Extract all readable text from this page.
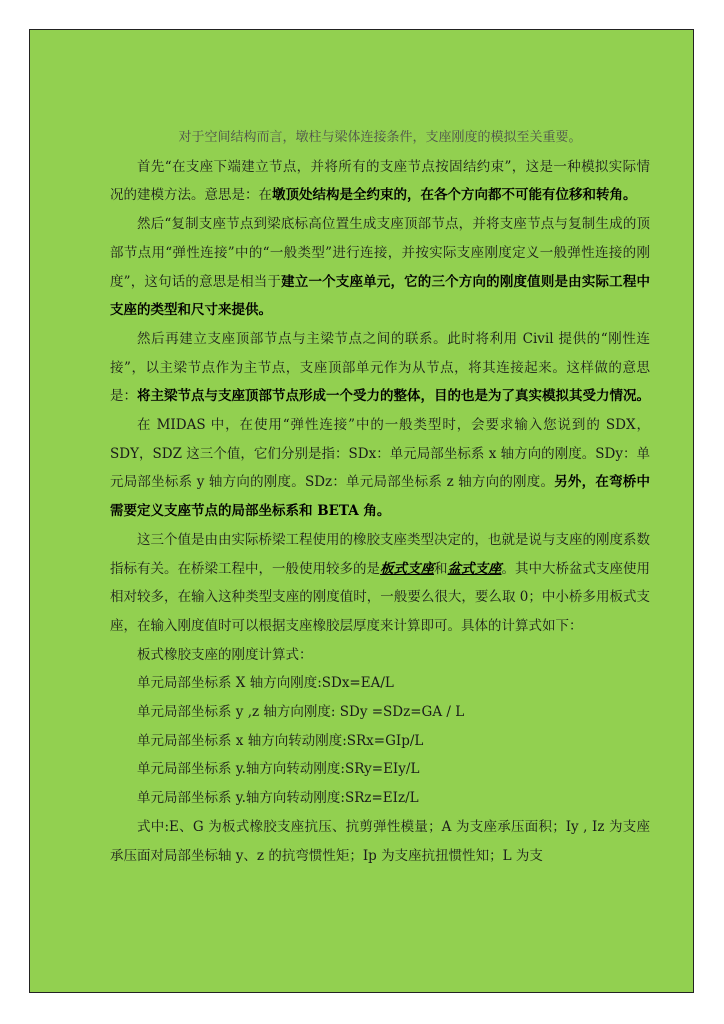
对于空间结构而言，墩柱与梁体连接条件，支座刚度的模拟至关重要。

首先“在支座下端建立节点，并将所有的支座节点按固结约束”，这是一种模拟实际情况的建模方法。意思是：在墩顶处结构是全约束的，在各个方向都不可能有位移和转角。

然后“复制支座节点到梁底标高位置生成支座顶部节点，并将支座节点与复制生成的顶部节点用“弹性连接”中的“一般类型”进行连接，并按实际支座刚度定义一般弹性连接的刚度”，这句话的意思是相当于建立一个支座单元，它的三个方向的刚度值则是由实际工程中支座的类型和尺寸来提供。

然后再建立支座顶部节点与主梁节点之间的联系。此时将利用 Civil 提供的“刚性连接”，以主梁节点作为主节点，支座顶部单元作为从节点，将其连接起来。这样做的意思是：将主梁节点与支座顶部节点形成一个受力的整体，目的也是为了真实模拟其受力情况。

在 MIDAS 中，在使用“弹性连接”中的一般类型时，会要求输入您说到的 SDX，SDY，SDZ 这三个值，它们分别是指：SDx：单元局部坐标系 x 轴方向的刚度。SDy：单元局部坐标系 y 轴方向的刚度。SDz：单元局部坐标系 z 轴方向的刚度。另外，在弯桥中需要定义支座节点的局部坐标系和 BETA 角。

这三个值是由由实际桥梁工程使用的橡胶支座类型决定的，也就是说与支座的刚度系数指标有关。在桥梁工程中，一般使用较多的是板式支座和盆式支座。其中大桥盆式支座使用相对较多，在输入这种类型支座的刚度值时，一般要么很大，要么取 0；中小桥多用板式支座，在输入刚度值时可以根据支座橡胶层厚度来计算即可。具体的计算式如下：

板式橡胶支座的刚度计算式：

单元局部坐标系 X 轴方向刚度:SDx=EA/L

单元局部坐标系 y ,z 轴方向刚度: SDy =SDz=GA / L

单元局部坐标系 x 轴方向转动刚度:SRx=GIp/L

单元局部坐标系 y.轴方向转动刚度:SRy=EIy/L

单元局部坐标系 y.轴方向转动刚度:SRz=EIz/L

式中:E、G 为板式橡胶支座抗压、抗剪弹性模量；A 为支座承压面积；Iy , Iz 为支座承压面对局部坐标轴 y、z 的抗弯惯性矩；Ip 为支座抗扭惯性知；L 为支
